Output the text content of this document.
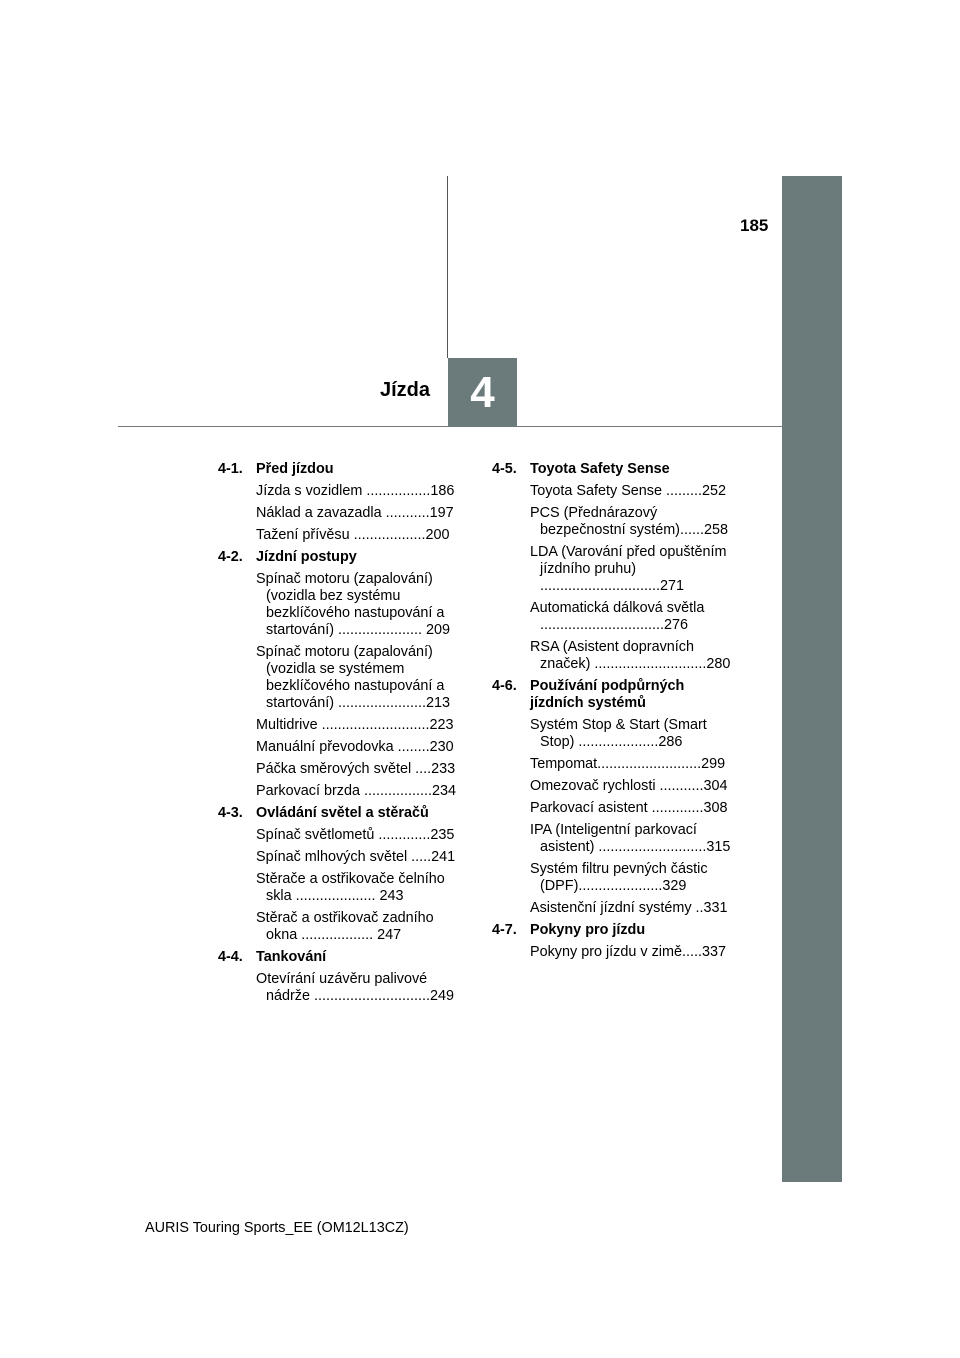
185
Jízda 4
4-1. Před jízdou
Jízda s vozidlem ................186
Náklad a zavazadla ...........197
Tažení přívěsu ..................200
4-2. Jízdní postupy
Spínač motoru (zapalování) (vozidla bez systému bezklíčového nastupování a startování) ..................... 209
Spínač motoru (zapalování) (vozidla se systémem bezklíčového nastupování a startování) ......................213
Multidrive ...........................223
Manuální převodovka ........230
Páčka směrových světel ....233
Parkovací brzda .................234
4-3. Ovládání světel a stěračů
Spínač světlometů .............235
Spínač mlhových světel .....241
Stěrače a ostřikovače čelního skla .................... 243
Stěrač a ostřikovač zadního okna .................. 247
4-4. Tankování
Otevírání uzávěru palivové nádrže .............................249
4-5. Toyota Safety Sense
Toyota Safety Sense .........252
PCS (Přednárazový bezpečnostní systém)......258
LDA (Varování před opuštěním jízdního pruhu) ..............................271
Automatická dálková světla ...............................276
RSA (Asistent dopravních značek) ............................280
4-6. Používání podpůrných jízdních systémů
Systém Stop & Start (Smart Stop) ....................286
Tempomat..........................299
Omezovač rychlosti ...........304
Parkovací asistent .............308
IPA (Inteligentní parkovací asistent) ...........................315
Systém filtru pevných částic (DPF).....................329
Asistenční jízdní systémy ..331
4-7. Pokyny pro jízdu
Pokyny pro jízdu v zimě.....337
AURIS Touring Sports_EE (OM12L13CZ)
